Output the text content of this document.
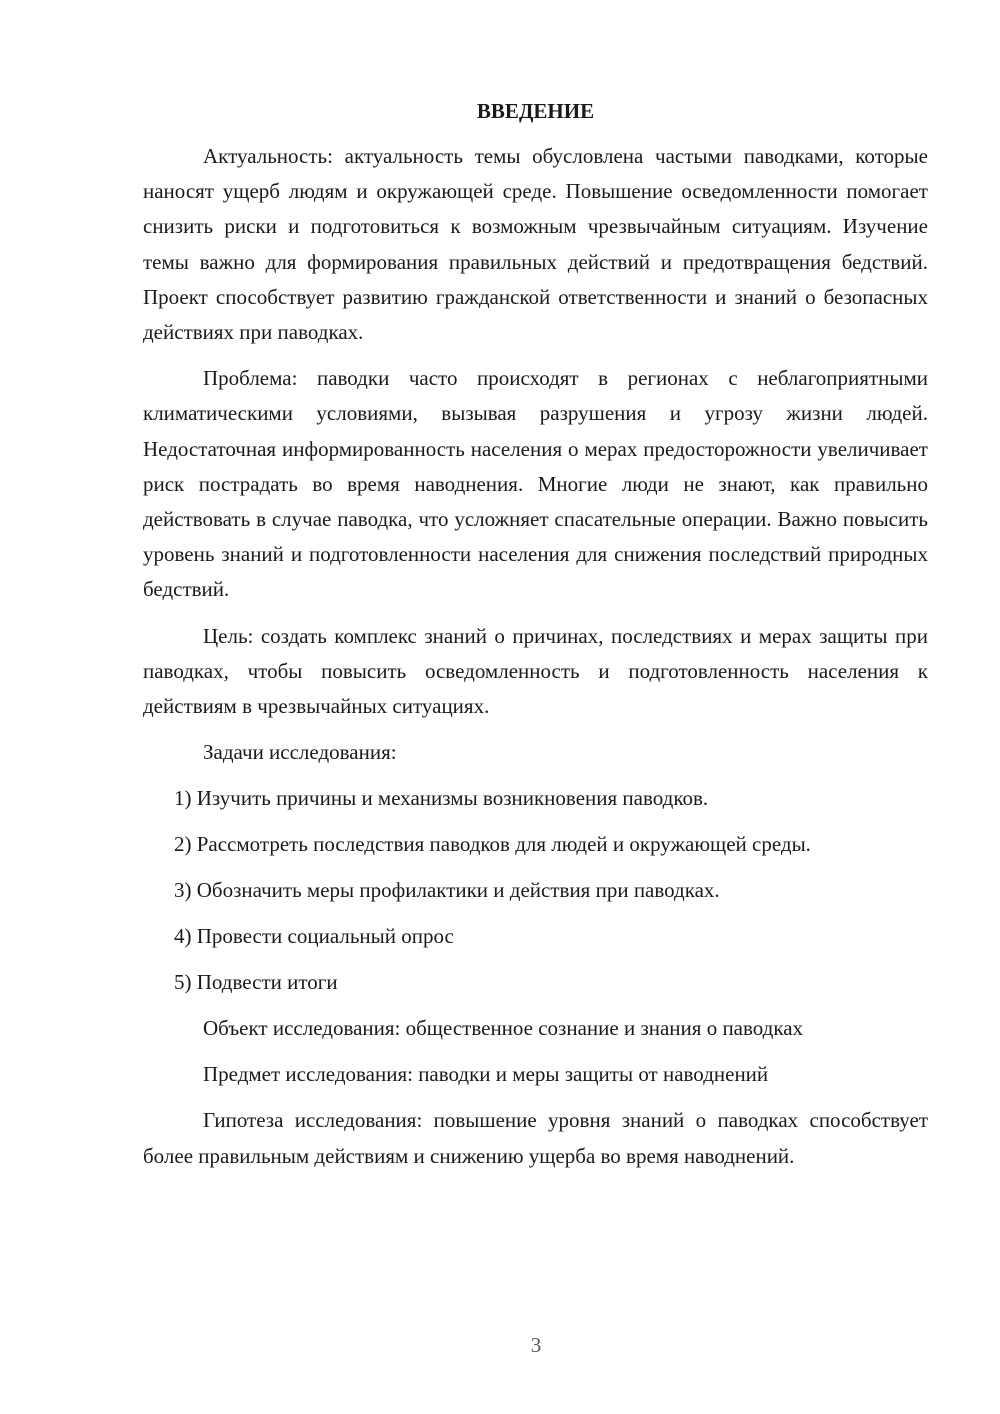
ВВЕДЕНИЕ

Актуальность: актуальность темы обусловлена частыми паводками, которые наносят ущерб людям и окружающей среде. Повышение осведомленности помогает снизить риски и подготовиться к возможным чрезвычайным ситуациям. Изучение темы важно для формирования правильных действий и предотвращения бедствий. Проект способствует развитию гражданской ответственности и знаний о безопасных действиях при паводках.

Проблема: паводки часто происходят в регионах с неблагоприятными климатическими условиями, вызывая разрушения и угрозу жизни людей. Недостаточная информированность населения о мерах предосторожности увеличивает риск пострадать во время наводнения. Многие люди не знают, как правильно действовать в случае паводка, что усложняет спасательные операции. Важно повысить уровень знаний и подготовленности населения для снижения последствий природных бедствий.

Цель: создать комплекс знаний о причинах, последствиях и мерах защиты при паводках, чтобы повысить осведомленность и подготовленность населения к действиям в чрезвычайных ситуациях.

Задачи исследования:

1) Изучить причины и механизмы возникновения паводков.
2) Рассмотреть последствия паводков для людей и окружающей среды.
3) Обозначить меры профилактики и действия при паводках.
4) Провести социальный опрос
5) Подвести итоги

Объект исследования: общественное сознание и знания о паводках

Предмет исследования: паводки и меры защиты от наводнений

Гипотеза исследования: повышение уровня знаний о паводках способствует более правильным действиям и снижению ущерба во время наводнений.

3
